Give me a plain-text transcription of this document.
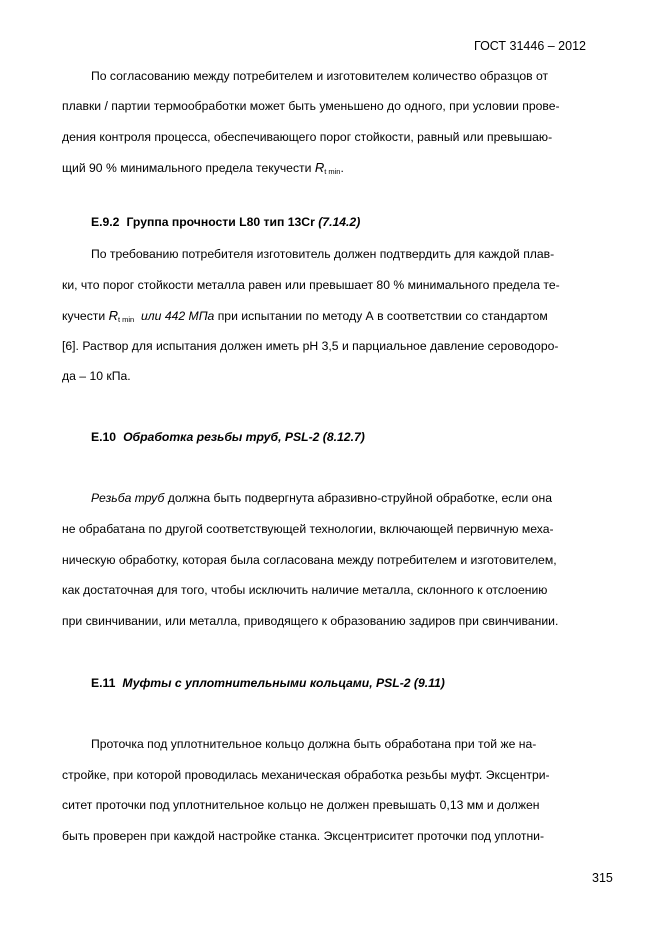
ГОСТ 31446 – 2012

По согласованию между потребителем и изготовителем количество образцов от

плавки / партии термообработки может быть уменьшено до одного, при условии прове-

дения контроля процесса, обеспечивающего порог стойкости, равный или превышаю-

щий 90 % минимального предела текучести Rt min.

Е.9.2 Группа прочности L80 тип 13Cr (7.14.2)

По требованию потребителя изготовитель должен подтвердить для каждой плав-

ки, что порог стойкости металла равен или превышает 80 % минимального предела те-

кучести Rt min или 442 МПа при испытании по методу А в соответствии со стандартом

[6]. Раствор для испытания должен иметь рН 3,5 и парциальное давление сероводоро-

да – 10 кПа.

Е.10 Обработка резьбы труб, PSL-2 (8.12.7)

Резьба труб должна быть подвергнута абразивно-струйной обработке, если она

не обрабатана по другой соответствующей технологии, включающей первичную меха-

ническую обработку, которая была согласована между потребителем и изготовителем,

как достаточная для того, чтобы исключить наличие металла, склонного к отслоению

при свинчивании, или металла, приводящего к образованию задиров при свинчивании.

Е.11 Муфты с уплотнительными кольцами, PSL-2 (9.11)

Проточка под уплотнительное кольцо должна быть обработана при той же на-

стройке, при которой проводилась механическая обработка резьбы муфт. Эксцентри-

ситет проточки под уплотнительное кольцо не должен превышать 0,13 мм и должен

быть проверен при каждой настройке станка. Эксцентриситет проточки под уплотни-

315
